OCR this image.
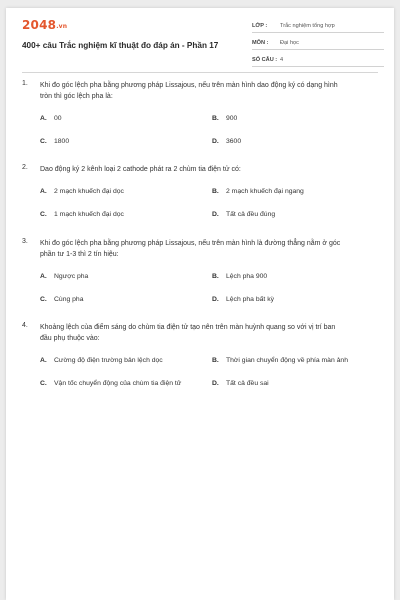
2048.vn
400+ câu Trắc nghiệm kĩ thuật đo đáp án - Phần 17
LỚP :	Trắc nghiệm tổng hợp
MÔN :	Đại học
SỐ CÂU : 4
1. Khi đo góc lệch pha bằng phương pháp Lissajous, nếu trên màn hình dao động ký có dạng hình
tròn thì góc lệch pha là:
A. 00	B. 900
C. 1800	D. 3600
2. Dao động ký 2 kênh loại 2 cathode phát ra 2 chùm tia điện tử có:
A. 2 mạch khuếch đại dọc	B. 2 mạch khuếch đại ngang
C. 1 mạch khuếch đại dọc	D. Tất cả đều đúng
3. Khi đo góc lệch pha bằng phương pháp Lissajous, nếu trên màn hình là đường thẳng nằm ở góc
phần tư 1-3 thì 2 tín hiệu:
A. Ngược pha	B. Lệch pha 900
C. Cùng pha	D. Lệch pha bất kỳ
4. Khoảng lệch của điểm sáng do chùm tia điện tử tạo nên trên màn huỳnh quang so với vị trí ban
đầu phụ thuộc vào:
A. Cường độ điện trường bản lệch dọc	B. Thời gian chuyển động về phía màn ảnh
C. Vận tốc chuyển động của chùm tia điện tử	D. Tất cả đều sai
